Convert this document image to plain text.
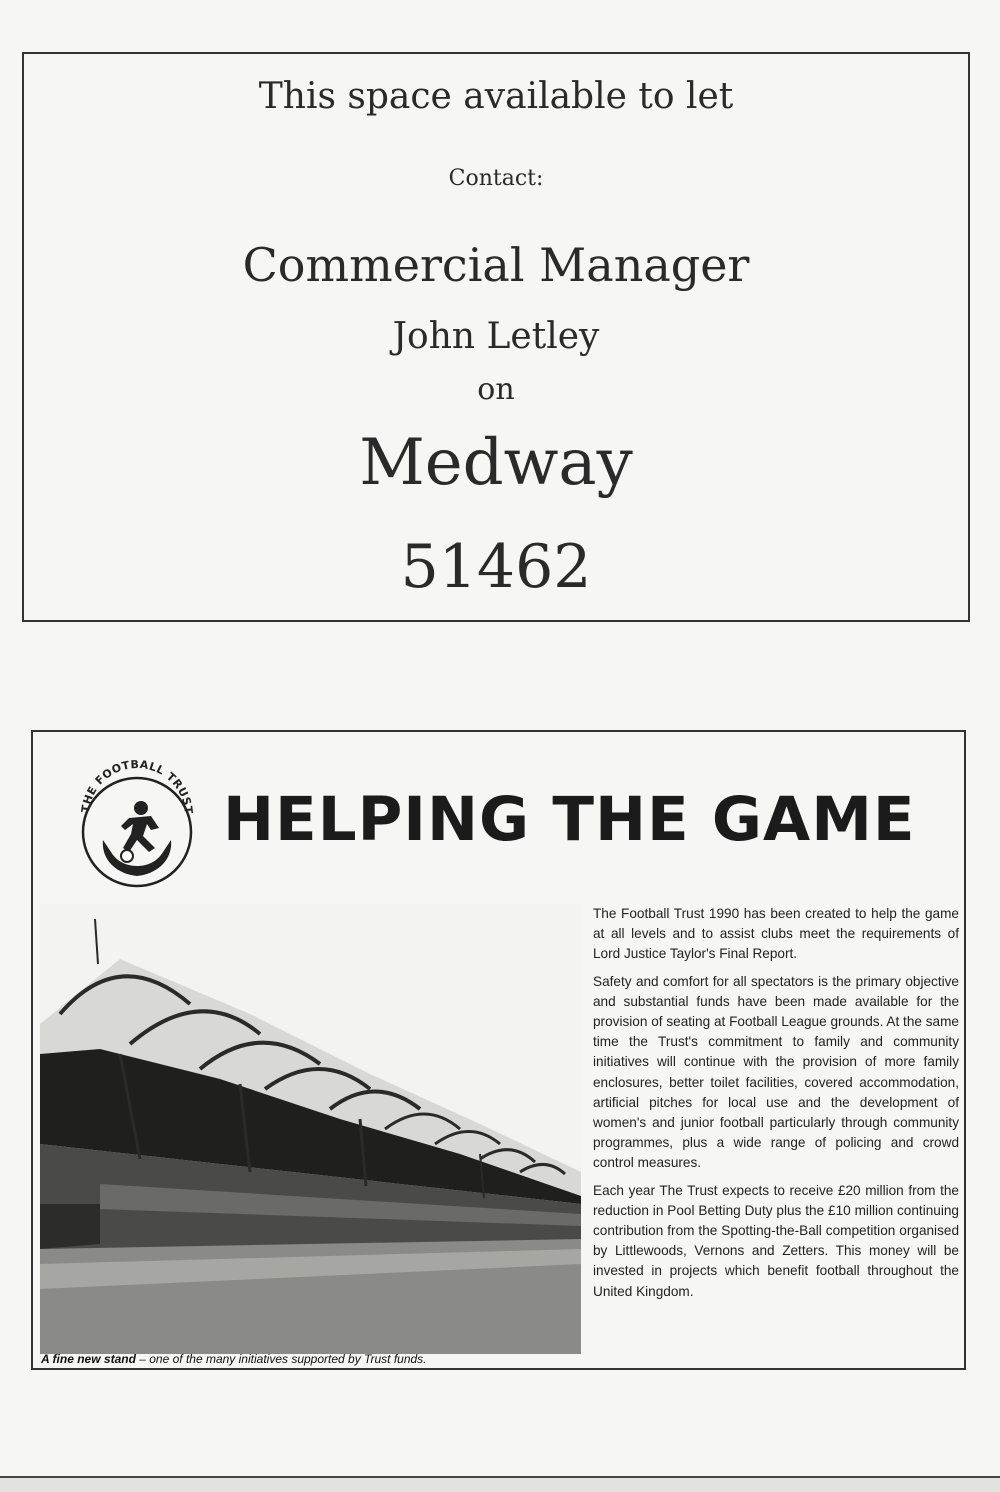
This space available to let
Contact:
Commercial Manager
John Letley
on
Medway
51462
THE FOOTBALL TRUST HELPING THE GAME
A fine new stand – one of the many initiatives supported by Trust funds.

The Football Trust 1990 has been created to help the game at all levels and to assist clubs meet the requirements of Lord Justice Taylor's Final Report.

Safety and comfort for all spectators is the primary objective and substantial funds have been made available for the provision of seating at Football League grounds. At the same time the Trust's commitment to family and community initiatives will continue with the provision of more family enclosures, better toilet facilities, covered accommodation, artificial pitches for local use and the development of women's and junior football particularly through community programmes, plus a wide range of policing and crowd control measures.

Each year The Trust expects to receive £20 million from the reduction in Pool Betting Duty plus the £10 million continuing contribution from the Spotting-the-Ball competition organised by Littlewoods, Vernons and Zetters. This money will be invested in projects which benefit football throughout the United Kingdom.
